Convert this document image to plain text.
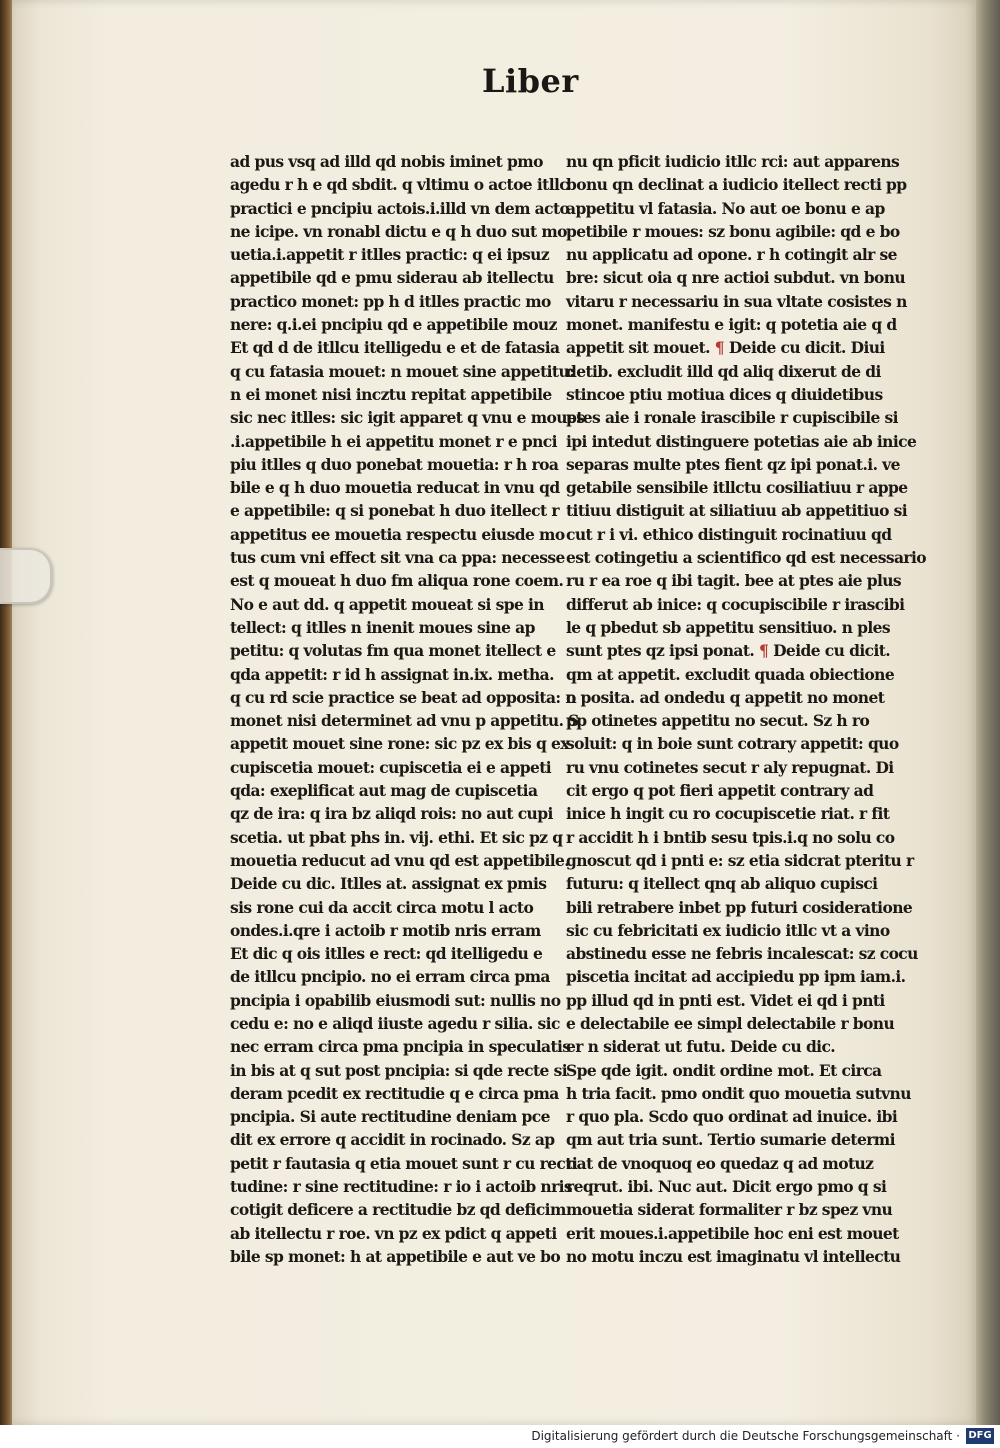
Liber
ad pus vsq ad illd qd nobis iminet pmo
agedu r h e qd sbdit. q vltimu o actoe itllc
practici e pncipiu actois.i.illd vn dem acto
ne icipe. vn ronabl dictu e q h duo sut mo
uetia.i.appetit r itlles practic: q ei ipsuz
appetibile qd e pmu siderau ab itellectu
practico monet: pp h d itlles practic mo
nere: q.i.ei pncipiu qd e appetibile mouz
Et qd d de itllcu itelligedu e et de fatasia
q cu fatasia mouet: n mouet sine appetitu:
n ei monet nisi incztu repitat appetibile
sic nec itlles: sic igit apparet q vnu e moues
.i.appetibile h ei appetitu monet r e pnci
piu itlles q duo ponebat mouetia: r h roa
bile e q h duo mouetia reducat in vnu qd
e appetibile: q si ponebat h duo itellect r
appetitus ee mouetia respectu eiusde mo
tus cum vni effect sit vna ca ppa: necesse
est q moueat h duo fm aliqua rone coem.
No e aut dd. q appetit moueat si spe in
tellect: q itlles n inenit moues sine ap
petitu: q volutas fm qua monet itellect e
qda appetit: r id h assignat in.ix. metha.
q cu rd scie practice se beat ad opposita: n
monet nisi determinet ad vnu p appetitu. S
appetit mouet sine rone: sic pz ex bis q ex
cupiscetia mouet: cupiscetia ei e appeti
qda: exeplificat aut mag de cupiscetia
qz de ira: q ira bz aliqd rois: no aut cupi
scetia. ut pbat phs in. vij. ethi. Et sic pz q
mouetia reducut ad vnu qd est appetibile.
Deide cu dic. Itlles at. assignat ex pmis
sis rone cui da accit circa motu l acto
ondes.i.qre i actoib r motib nris erram
Et dic q ois itlles e rect: qd itelligedu e
de itllcu pncipio. no ei erram circa pma
pncipia i opabilib eiusmodi sut: nullis no
cedu e: no e aliqd iiuste agedu r silia. sic
nec erram circa pma pncipia in speculatis
in bis at q sut post pncipia: si qde recte si
deram pcedit ex rectitudie q e circa pma
pncipia. Si aute rectitudine deniam pce
dit ex errore q accidit in rocinado. Sz ap
petit r fautasia q etia mouet sunt r cu recti
tudine: r sine rectitudine: r io i actoib nris
cotigit deficere a rectitudie bz qd deficim
ab itellectu r roe. vn pz ex pdict q appeti
bile sp monet: h at appetibile e aut ve bo
nu qn pficit iudicio itllc rci: aut apparens
bonu qn declinat a iudicio itellect recti pp
appetitu vl fatasia. No aut oe bonu e ap
petibile r moues: sz bonu agibile: qd e bo
nu applicatu ad opone. r h cotingit alr se
bre: sicut oia q nre actioi subdut. vn bonu
vitaru r necessariu in sua vltate cosistes n
monet. manifestu e igit: q potetia aie q d
appetit sit mouet. ¶ Deide cu dicit. Diui
detib. excludit illd qd aliq dixerut de di
stincoe ptiu motiua dices q diuidetibus
ptes aie i ronale irascibile r cupiscibile si
ipi intedut distinguere potetias aie ab inice
separas multe ptes fient qz ipi ponat.i. ve
getabile sensibile itllctu cosiliatiuu r appe
titiuu distiguit at siliatiuu ab appetitiuo si
cut r i vi. ethico distinguit rocinatiuu qd
est cotingetiu a scientifico qd est necessario
ru r ea roe q ibi tagit. bee at ptes aie plus
differut ab inice: q cocupiscibile r irascibi
le q pbedut sb appetitu sensitiuo. n ples
sunt ptes qz ipsi ponat. ¶ Deide cu dicit.
qm at appetit. excludit quada obiectione
o posita. ad ondedu q appetit no monet
pp otinetes appetitu no secut. Sz h ro
soluit: q in boie sunt cotrary appetit: quo
ru vnu cotinetes secut r aly repugnat. Di
cit ergo q pot fieri appetit contrary ad
inice h ingit cu ro cocupiscetie riat. r fit
r accidit h i bntib sesu tpis.i.q no solu co
gnoscut qd i pnti e: sz etia sidcrat pteritu r
futuru: q itellect qnq ab aliquo cupisci
bili retrabere inbet pp futuri cosideratione
sic cu febricitati ex iudicio itllc vt a vino
abstinedu esse ne febris incalescat: sz cocu
piscetia incitat ad accipiedu pp ipm iam.i.
pp illud qd in pnti est. Videt ei qd i pnti
e delectabile ee simpl delectabile r bonu
er n siderat ut futu. Deide cu dic.
Spe qde igit. ondit ordine mot. Et circa
h tria facit. pmo ondit quo mouetia sutvnu
r quo pla. Scdo quo ordinat ad inuice. ibi
qm aut tria sunt. Tertio sumarie determi
nat de vnoquoq eo quedaz q ad motuz
reqrut. ibi. Nuc aut. Dicit ergo pmo q si
mouetia siderat formaliter r bz spez vnu
erit moues.i.appetibile hoc eni est mouet
no motu inczu est imaginatu vl intellectu
Digitalisierung gefördert durch die Deutsche Forschungsgemeinschaft · DFG
